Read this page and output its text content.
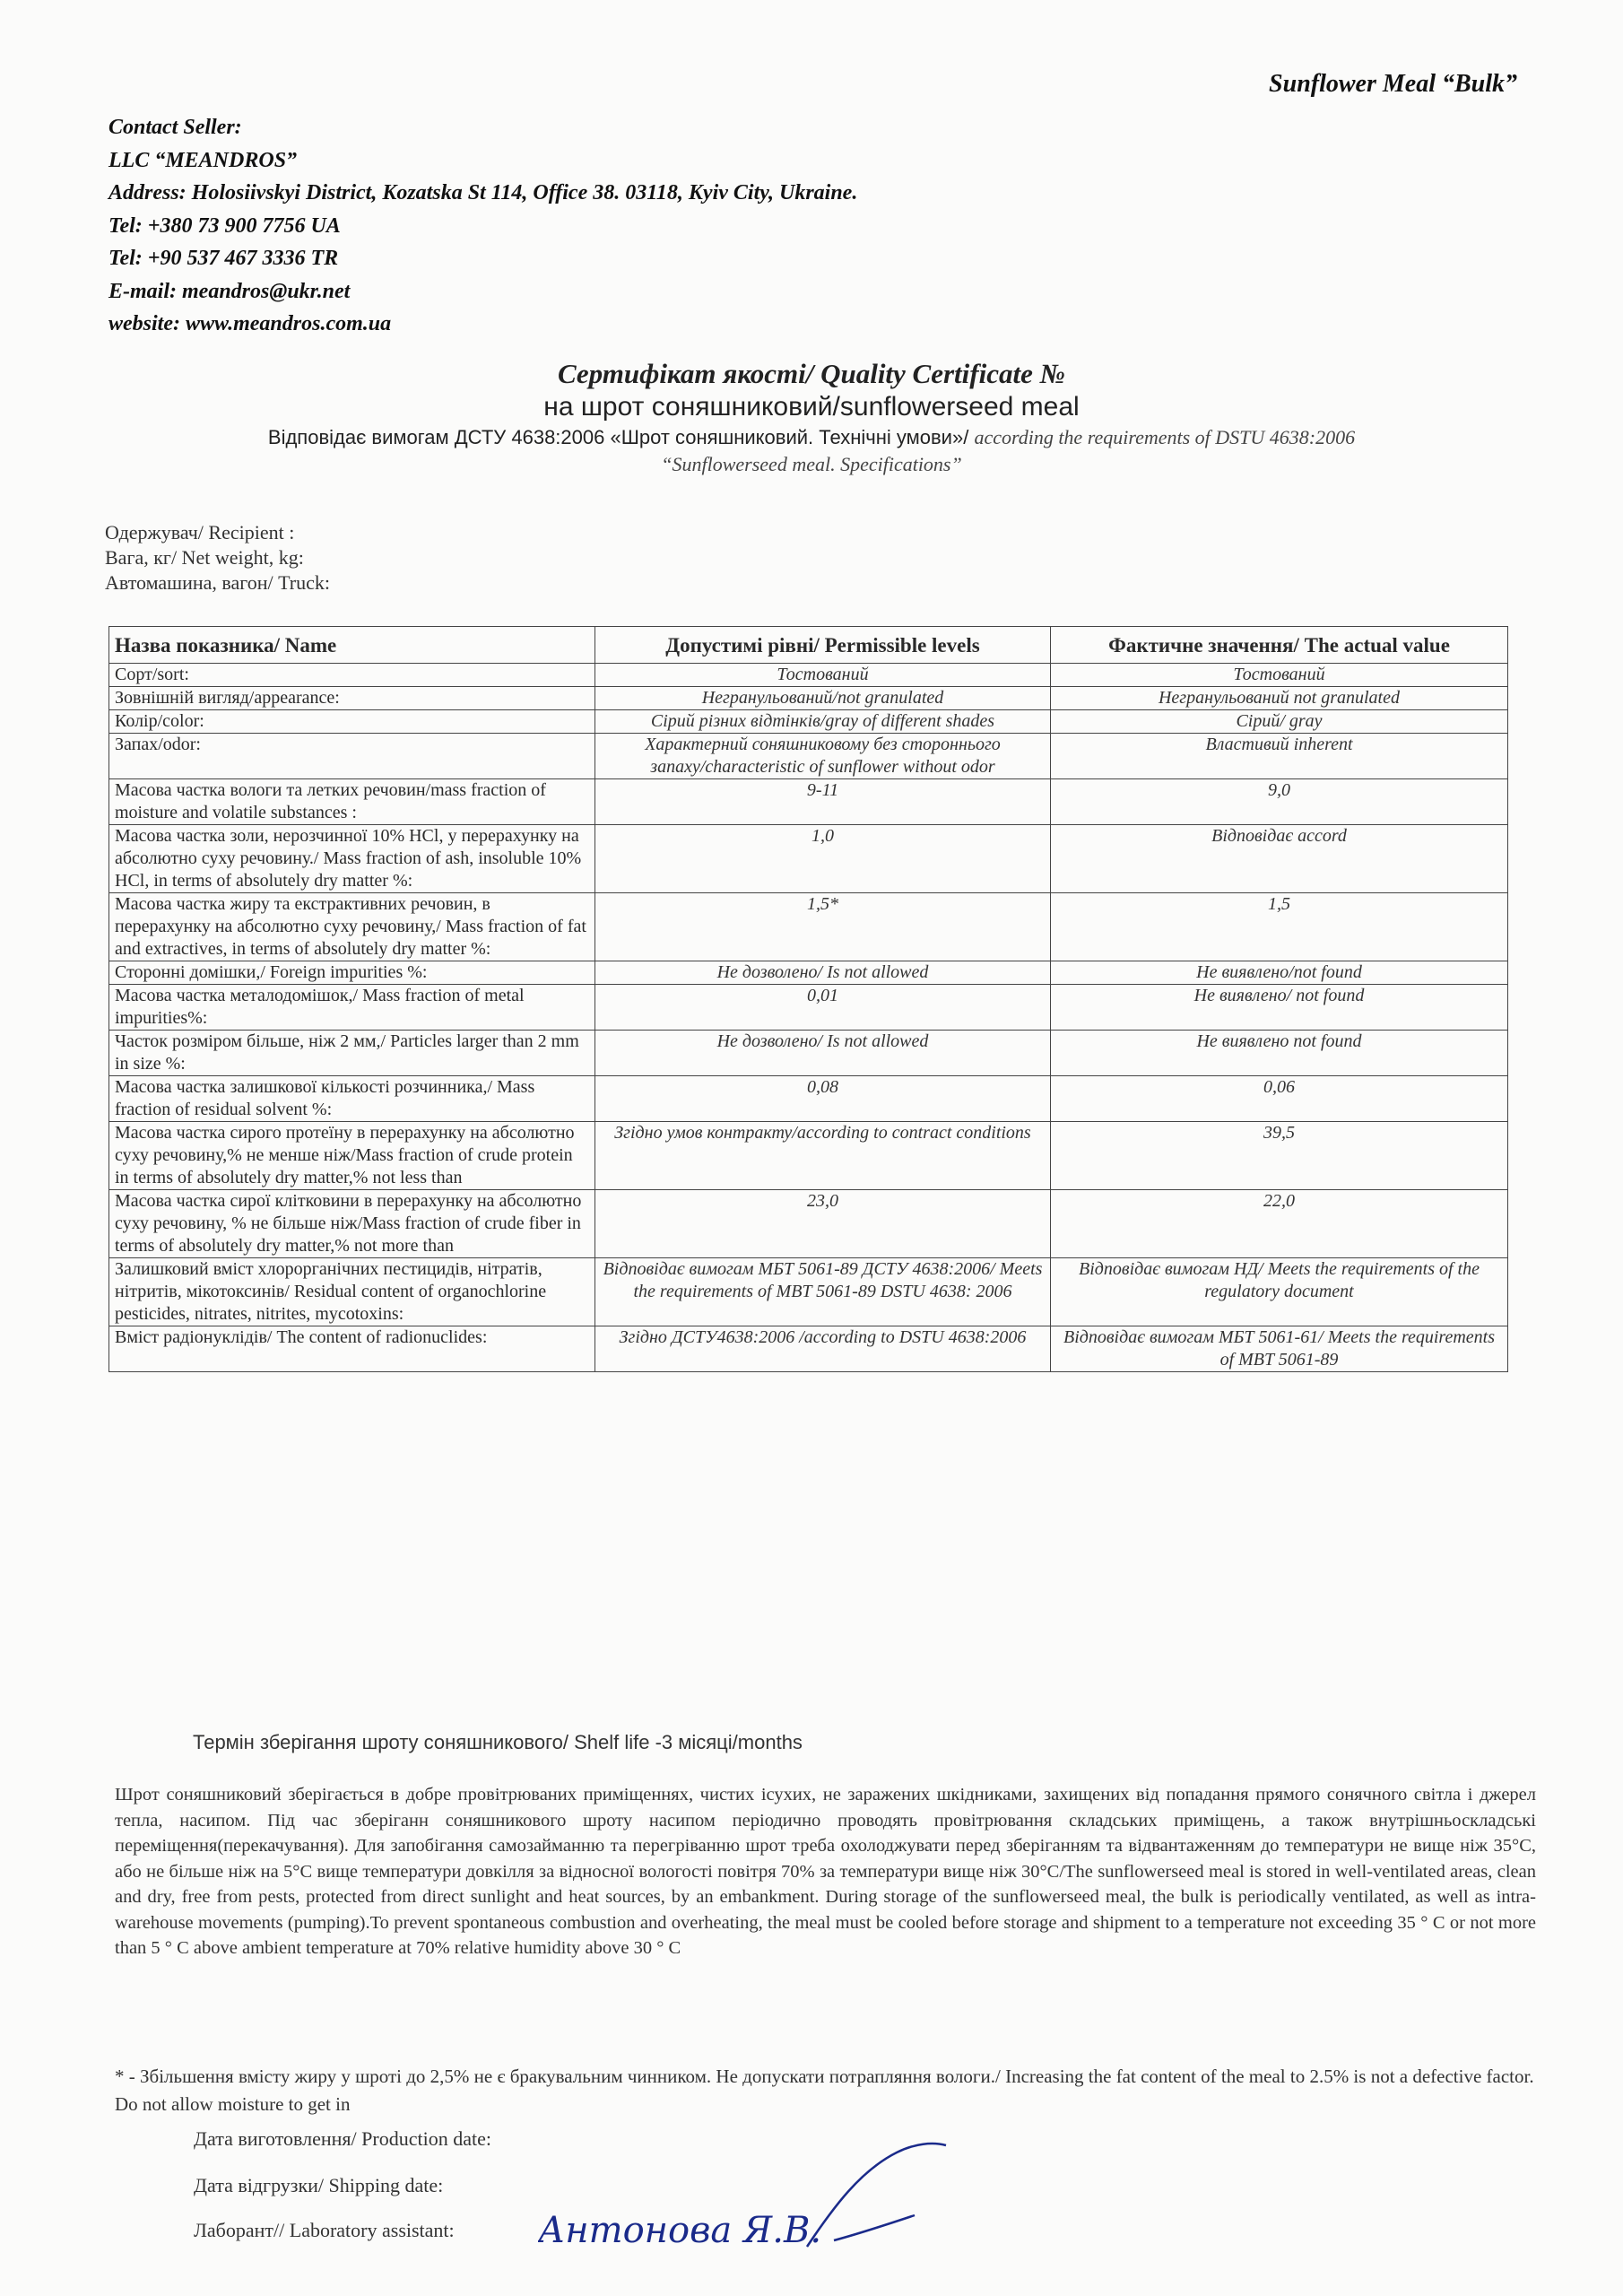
Sunflower Meal “Bulk”
Contact Seller:
LLC “MEANDROS”
Address: Holosiivskyi District, Kozatska St 114, Office 38. 03118, Kyiv City, Ukraine.
Tel: +380 73 900 7756 UA
Tel: +90 537 467 3336 TR
E-mail: meandros@ukr.net
website: www.meandros.com.ua
Сертифікат якості/ Quality Certificate №
на шрот соняшниковий/sunflowerseed meal
Відповідає вимогам ДСТУ 4638:2006 «Шрот соняшниковий. Технічні умови»/ according the requirements of DSTU 4638:2006
“Sunflowerseed meal. Specifications”
Одержувач/ Recipient :
Вага, кг/ Net weight, kg:
Автомашина, вагон/ Truck:
Назва показника/ Name	Допустимі рівні/ Permissible levels	Фактичне значення/ The actual value
Сорт/sort:	Тостований	Тостований
Зовнішній вигляд/appearance:	Негранульований/not granulated	Негранульований not granulated
Колір/color:	Сірий різних відтінків/gray of different shades	Сірий/ gray
Запах/odor:	Характерний соняшниковому без стороннього запаху/characteristic of sunflower without odor	Властивий inherent
Масова частка вологи та летких речовин/mass fraction of moisture and volatile substances :	9-11	9,0
Масова частка золи, нерозчинної 10% НСl, у перерахунку на абсолютно суху речовину./ Mass fraction of ash, insoluble 10% HCl, in terms of absolutely dry matter %:	1,0	Відповідає accord
Масова частка жиру та екстрактивних речовин, в перерахунку на абсолютно суху речовину,/ Mass fraction of fat and extractives, in terms of absolutely dry matter %:	1,5*	1,5
Сторонні домішки,/ Foreign impurities %:	Не дозволено/ Is not allowed	Не виявлено/not found
Масова частка металодомішок,/ Mass fraction of metal impurities%:	0,01	Не виявлено/ not found
Часток розміром більше, ніж 2 мм,/ Particles larger than 2 mm in size %:	Не дозволено/ Is not allowed	Не виявлено not found
Масова частка залишкової кількості розчинника,/ Mass fraction of residual solvent %:	0,08	0,06
Масова частка сирого протеїну в перерахунку на абсолютно суху речовину,% не менше ніж/Mass fraction of crude protein in terms of absolutely dry matter,% not less than	Згідно умов контракту/according to contract conditions	39,5
Масова частка сирої клітковини в перерахунку на абсолютно суху речовину, % не більше ніж/Mass fraction of crude fiber in terms of absolutely dry matter,% not more than	23,0	22,0
Залишковий вміст хлорорганічних пестицидів, нітратів, нітритів, мікотоксинів/ Residual content of organochlorine pesticides, nitrates, nitrites, mycotoxins:	Відповідає вимогам МБТ 5061-89 ДСТУ 4638:2006/ Meets the requirements of MBT 5061-89 DSTU 4638: 2006	Відповідає вимогам НД/ Meets the requirements of the regulatory document
Вміст радіонуклідів/ The content of radionuclides:	Згідно ДСТУ4638:2006 /according to DSTU 4638:2006	Відповідає вимогам МБТ 5061-61/ Meets the requirements of MBT 5061-89
Термін зберігання шроту соняшникового/ Shelf life -3 місяці/months
Шрот соняшниковий зберігається в добре провітрюваних приміщеннях, чистих ісухих, не заражених шкідниками, захищених від попадання прямого сонячного світла і джерел тепла, насипом. Під час зберіганн соняшникового шроту насипом періодично проводять провітрювання складських приміщень, а також внутрішньоскладські переміщення(перекачування). Для запобігання самозайманню та перегріванню шрот треба охолоджувати перед зберіганням та відвантаженням до температури не вище ніж 35°С, або не більше ніж на 5°С вище температури довкілля за відносної вологості повітря 70% за температури вище ніж 30°С/The sunflowerseed meal is stored in well-ventilated areas, clean and dry, free from pests, protected from direct sunlight and heat sources, by an embankment. During storage of the sunflowerseed meal, the bulk is periodically ventilated, as well as intra-warehouse movements (pumping).To prevent spontaneous combustion and overheating, the meal must be cooled before storage and shipment to a temperature not exceeding 35 ° C or not more than 5 ° C above ambient temperature at 70% relative humidity above 30 ° C
* - Збільшення вмісту жиру у шроті до 2,5% не є бракувальним чинником. Не допускати потрапляння вологи./ Increasing the fat content of the meal to 2.5% is not a defective factor. Do not allow moisture to get in
Дата виготовлення/ Production date:
Дата відгрузки/ Shipping date:
Лаборант// Laboratory assistant: Антонова Я.В.
